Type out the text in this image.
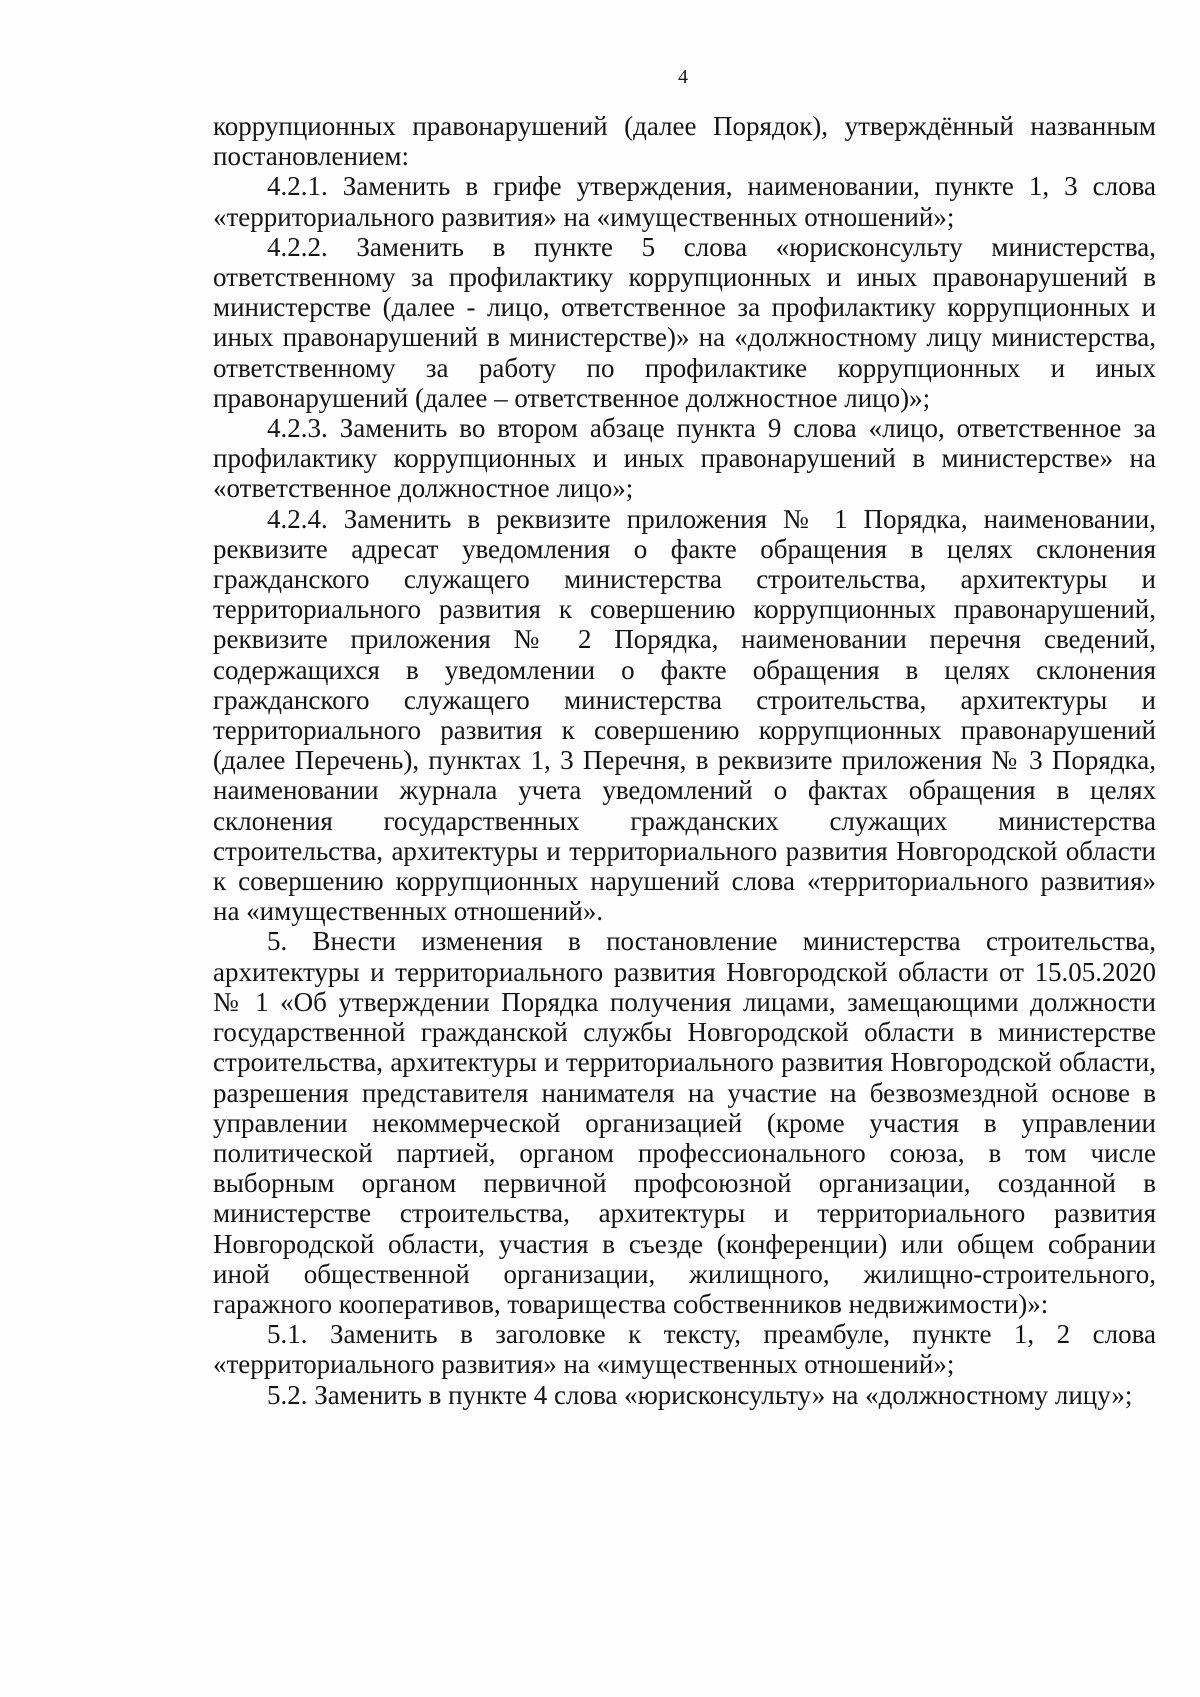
4

коррупционных правонарушений (далее Порядок), утверждённый названным постановлением:

4.2.1. Заменить в грифе утверждения, наименовании, пункте 1, 3 слова «территориального развития» на «имущественных отношений»;

4.2.2. Заменить в пункте 5 слова «юрисконсульту министерства, ответственному за профилактику коррупционных и иных правонарушений в министерстве (далее - лицо, ответственное за профилактику коррупционных и иных правонарушений в министерстве)» на «должностному лицу министерства, ответственному за работу по профилактике коррупционных и иных правонарушений (далее – ответственное должностное лицо)»;

4.2.3. Заменить во втором абзаце пункта 9 слова «лицо, ответственное за профилактику коррупционных и иных правонарушений в министерстве» на «ответственное должностное лицо»;

4.2.4. Заменить в реквизите приложения № 1 Порядка, наименовании, реквизите адресат уведомления о факте обращения в целях склонения гражданского служащего министерства строительства, архитектуры и территориального развития к совершению коррупционных правонарушений, реквизите приложения № 2 Порядка, наименовании перечня сведений, содержащихся в уведомлении о факте обращения в целях склонения гражданского служащего министерства строительства, архитектуры и территориального развития к совершению коррупционных правонарушений (далее Перечень), пунктах 1, 3 Перечня, в реквизите приложения № 3 Порядка, наименовании журнала учета уведомлений о фактах обращения в целях склонения государственных гражданских служащих министерства строительства, архитектуры и территориального развития Новгородской области к совершению коррупционных нарушений слова «территориального развития» на «имущественных отношений».

5. Внести изменения в постановление министерства строительства, архитектуры и территориального развития Новгородской области от 15.05.2020 № 1 «Об утверждении Порядка получения лицами, замещающими должности государственной гражданской службы Новгородской области в министерстве строительства, архитектуры и территориального развития Новгородской области, разрешения представителя нанимателя на участие на безвозмездной основе в управлении некоммерческой организацией (кроме участия в управлении политической партией, органом профессионального союза, в том числе выборным органом первичной профсоюзной организации, созданной в министерстве строительства, архитектуры и территориального развития Новгородской области, участия в съезде (конференции) или общем собрании иной общественной организации, жилищного, жилищно-строительного, гаражного кооперативов, товарищества собственников недвижимости)»:

5.1. Заменить в заголовке к тексту, преамбуле, пункте 1, 2 слова «территориального развития» на «имущественных отношений»;

5.2. Заменить в пункте 4 слова «юрисконсульту» на «должностному лицу»;
